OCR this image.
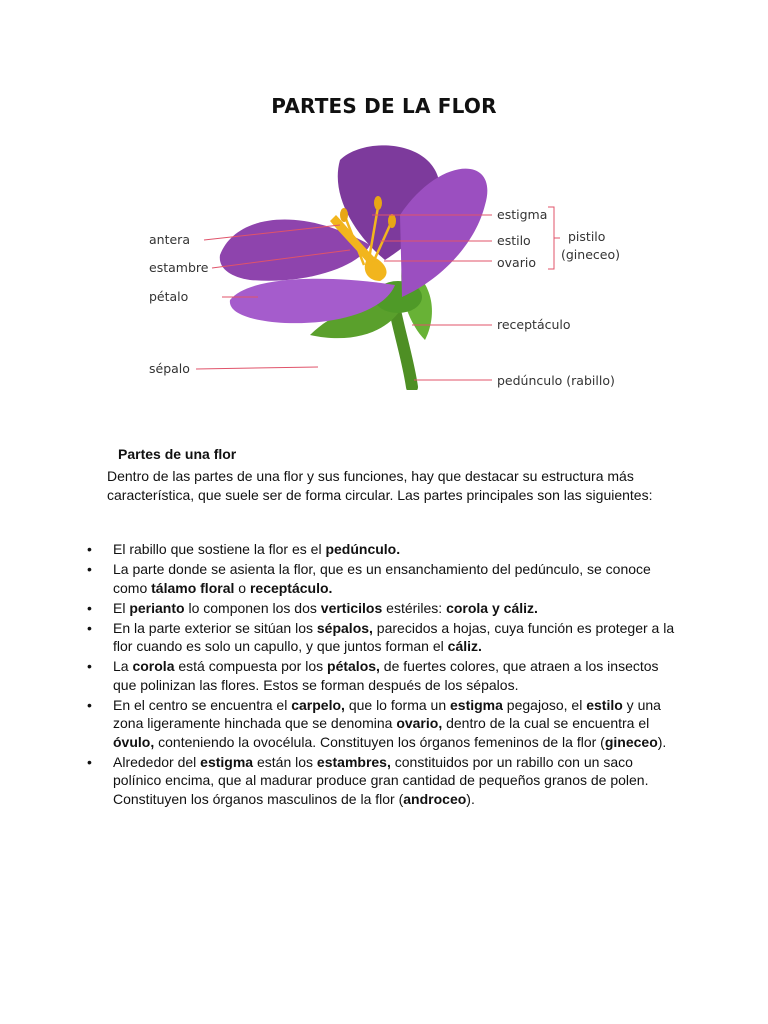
PARTES DE LA FLOR
antera
estambre
pétalo
sépalo
estigma
estilo
ovario
receptáculo
pedúnculo (rabillo)
pistilo
(gineceo)
Partes de una flor
Dentro de las partes de una flor y sus funciones, hay que destacar su estructura más característica, que suele ser de forma circular. Las partes principales son las siguientes:
• El rabillo que sostiene la flor es el pedúnculo.
• La parte donde se asienta la flor, que es un ensanchamiento del pedúnculo, se conoce como tálamo floral o receptáculo.
• El perianto lo componen los dos verticilos estériles: corola y cáliz.
• En la parte exterior se sitúan los sépalos, parecidos a hojas, cuya función es proteger a la flor cuando es solo un capullo, y que juntos forman el cáliz.
• La corola está compuesta por los pétalos, de fuertes colores, que atraen a los insectos que polinizan las flores. Estos se forman después de los sépalos.
• En el centro se encuentra el carpelo, que lo forma un estigma pegajoso, el estilo y una zona ligeramente hinchada que se denomina ovario, dentro de la cual se encuentra el óvulo, conteniendo la ovocélula. Constituyen los órganos femeninos de la flor (gineceo).
• Alrededor del estigma están los estambres, constituidos por un rabillo con un saco polínico encima, que al madurar produce gran cantidad de pequeños granos de polen. Constituyen los órganos masculinos de la flor (androceo).
